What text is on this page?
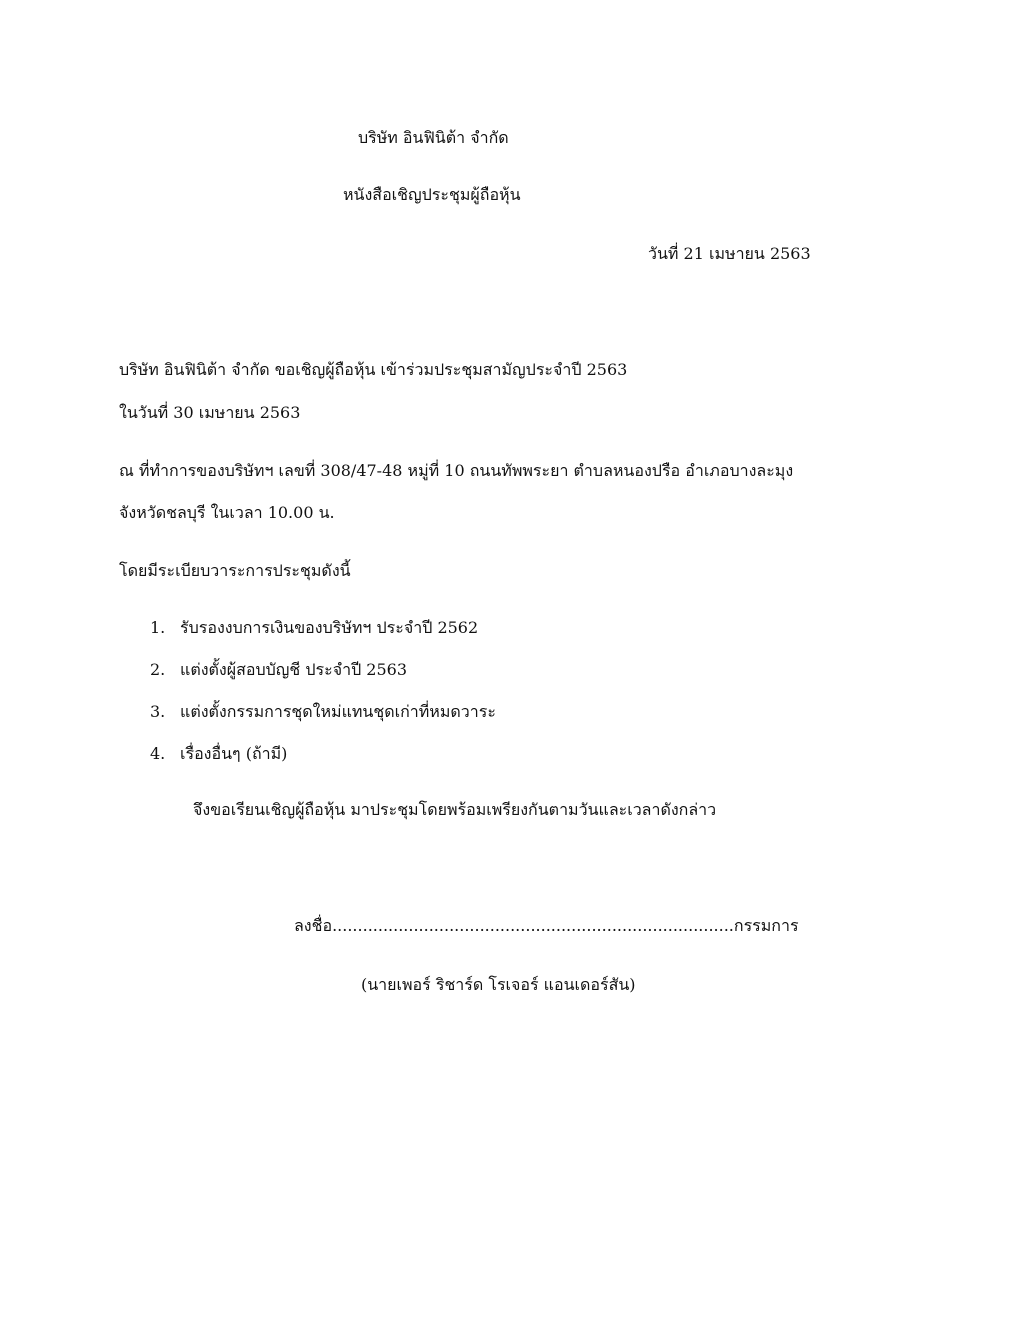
บริษัท อินฟินิต้า จำกัด
หนังสือเชิญประชุมผู้ถือหุ้น
วันที่ 21 เมษายน 2563
บริษัท อินฟินิต้า จำกัด ขอเชิญผู้ถือหุ้น เข้าร่วมประชุมสามัญประจำปี 2563
ในวันที่ 30 เมษายน 2563
ณ ที่ทำการของบริษัทฯ เลขที่ 308/47-48 หมู่ที่ 10 ถนนทัพพระยา ตำบลหนองปรือ อำเภอบางละมุง
จังหวัดชลบุรี ในเวลา 10.00 น.
โดยมีระเบียบวาระการประชุมดังนี้
1. รับรองงบการเงินของบริษัทฯ ประจำปี 2562
2. แต่งตั้งผู้สอบบัญชี ประจำปี 2563
3. แต่งตั้งกรรมการชุดใหม่แทนชุดเก่าที่หมดวาระ
4. เรื่องอื่นๆ (ถ้ามี)
จึงขอเรียนเชิญผู้ถือหุ้น มาประชุมโดยพร้อมเพรียงกันตามวันและเวลาดังกล่าว
ลงชื่อ...............................................................................กรรมการ
(นายเพอร์ ริชาร์ด โรเจอร์ แอนเดอร์สัน)
